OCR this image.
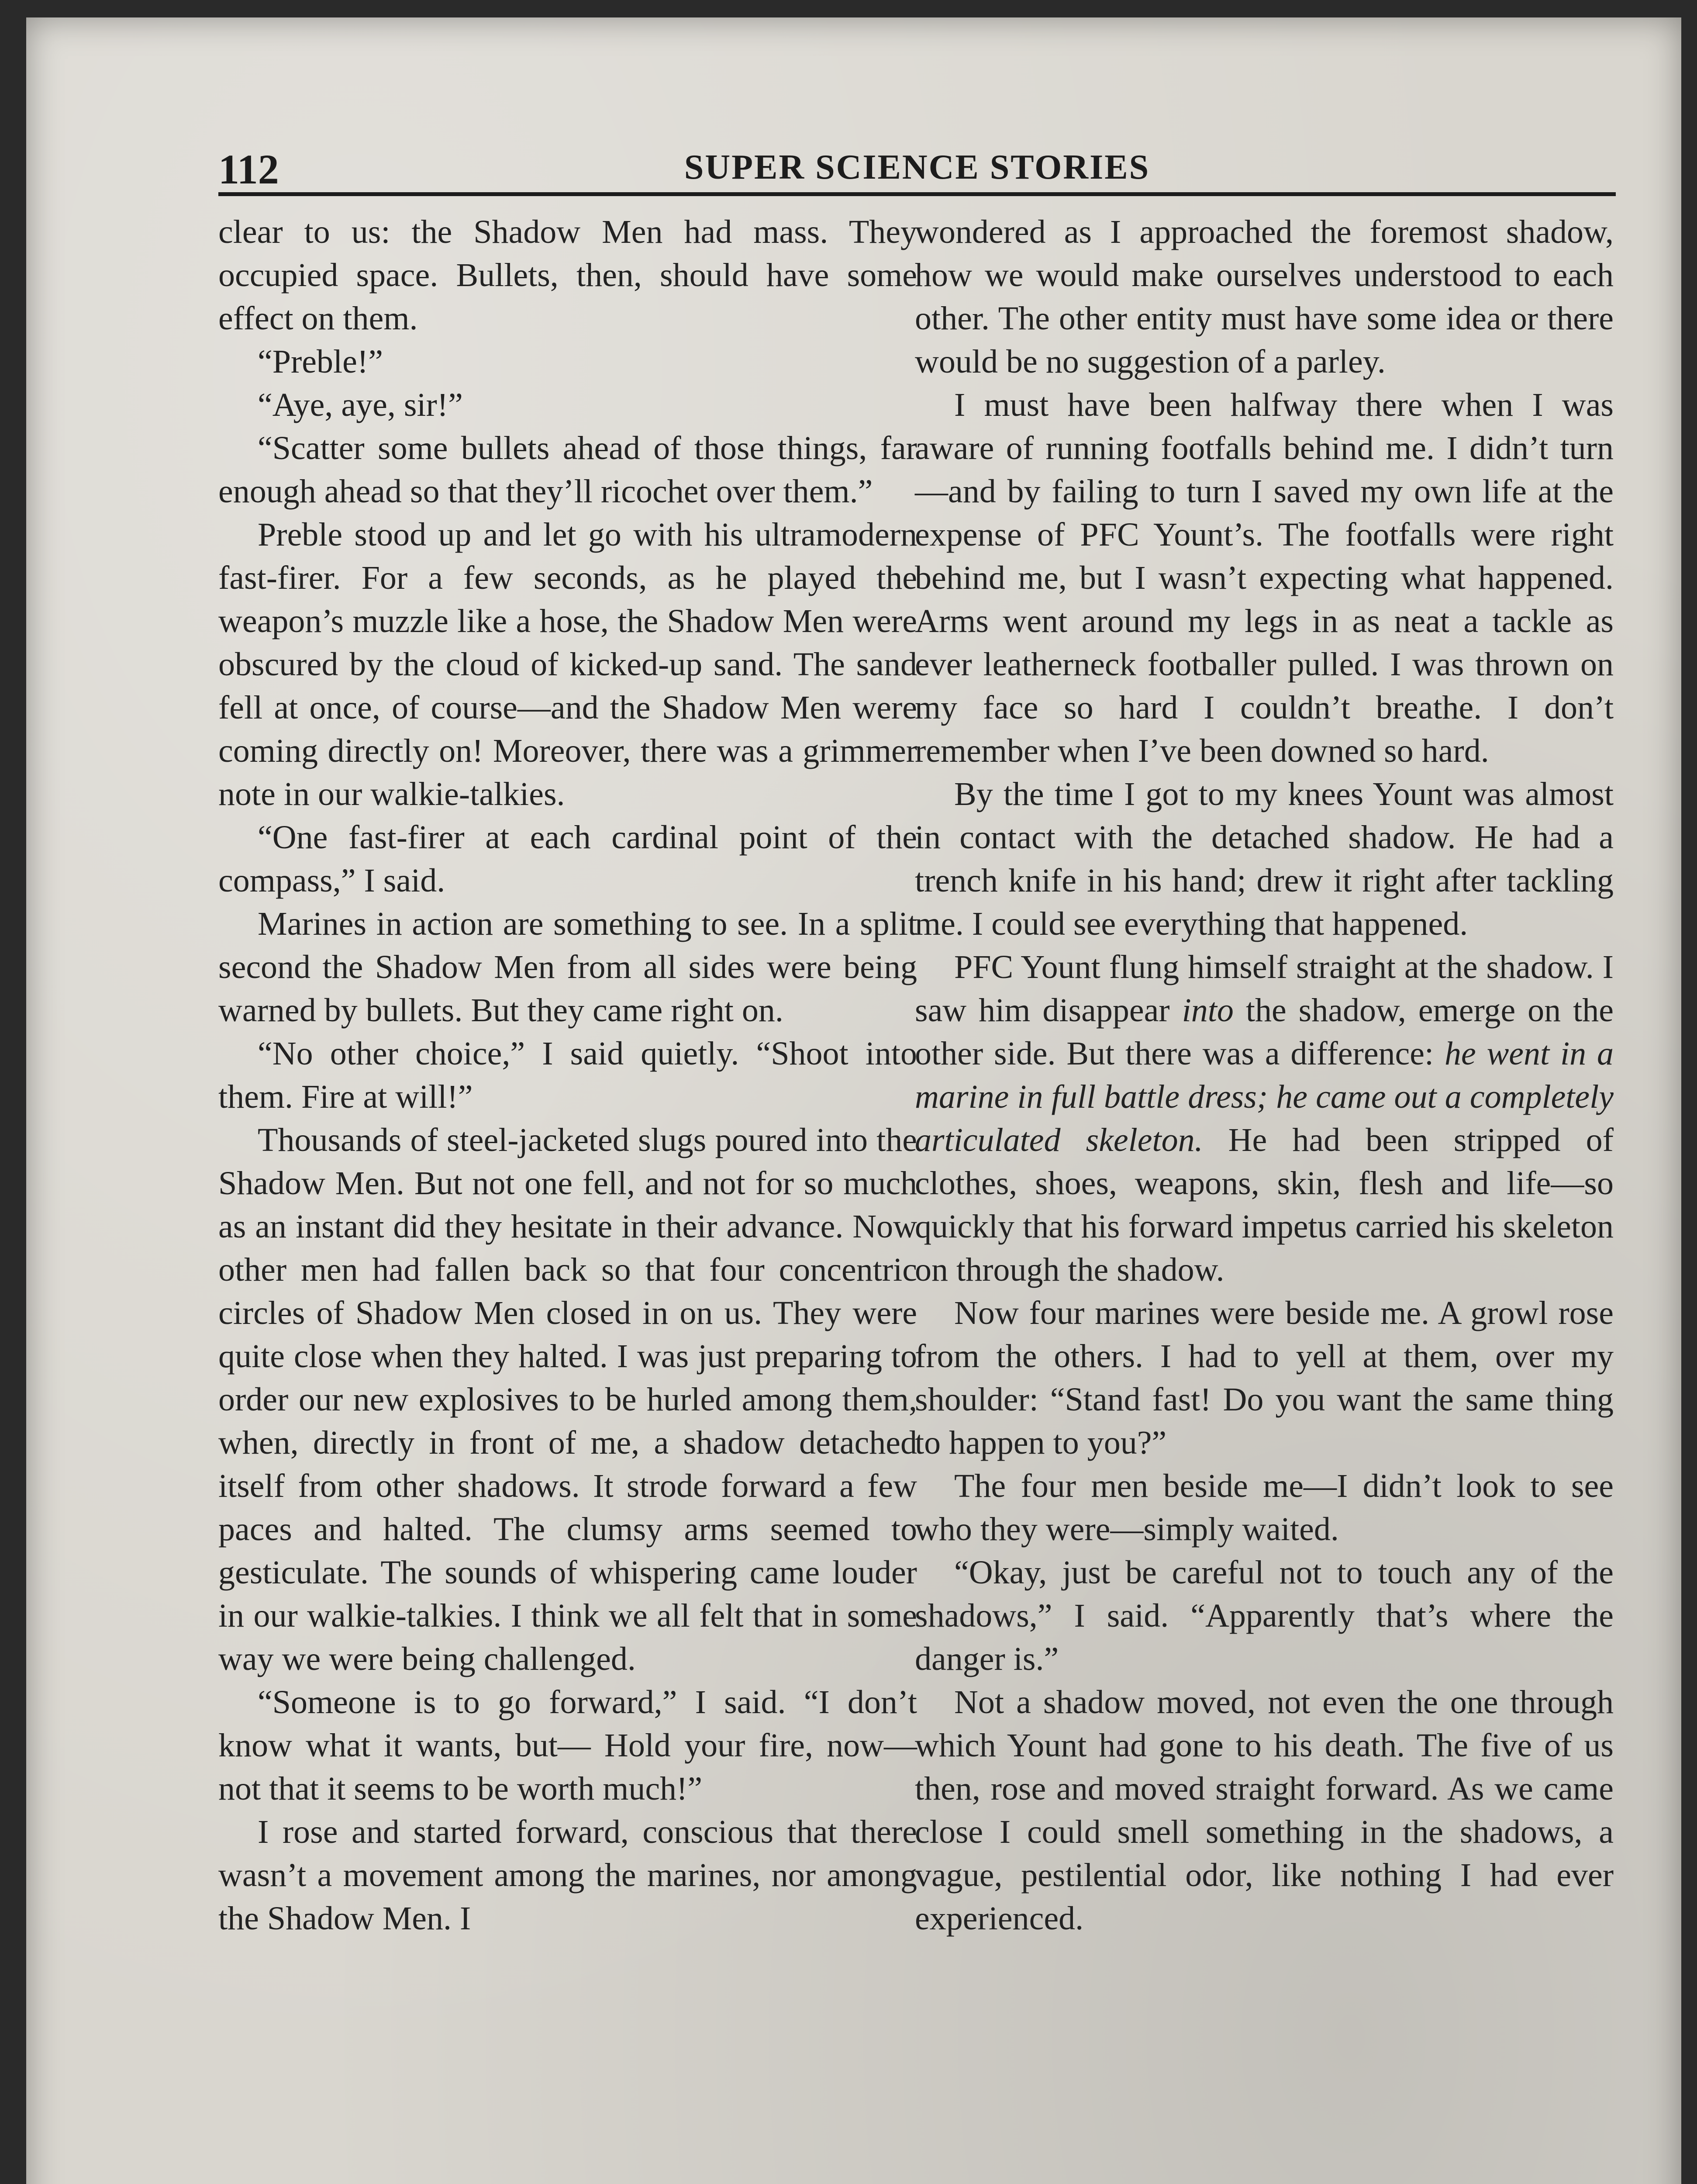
112	SUPER SCIENCE STORIES

clear to us: the Shadow Men had mass. They occupied space. Bullets, then, should have some effect on them.

“Preble!”

“Aye, aye, sir!”

“Scatter some bullets ahead of those things, far enough ahead so that they’ll ricochet over them.”

Preble stood up and let go with his ultramodern fast-firer. For a few seconds, as he played the weapon’s muzzle like a hose, the Shadow Men were obscured by the cloud of kicked-up sand. The sand fell at once, of course—and the Shadow Men were coming directly on! Moreover, there was a grimmer note in our walkie-talkies.

“One fast-firer at each cardinal point of the compass,” I said.

Marines in action are something to see. In a split second the Shadow Men from all sides were being warned by bullets. But they came right on.

“No other choice,” I said quietly. “Shoot into them. Fire at will!”

Thousands of steel-jacketed slugs poured into the Shadow Men. But not one fell, and not for so much as an instant did they hesitate in their advance. Now other men had fallen back so that four concentric circles of Shadow Men closed in on us. They were quite close when they halted. I was just preparing to order our new explosives to be hurled among them, when, directly in front of me, a shadow detached itself from other shadows. It strode forward a few paces and halted. The clumsy arms seemed to gesticulate. The sounds of whispering came louder in our walkie-talkies. I think we all felt that in some way we were being challenged.

“Someone is to go forward,” I said. “I don’t know what it wants, but— Hold your fire, now—not that it seems to be worth much!”

I rose and started forward, conscious that there wasn’t a movement among the marines, nor among the Shadow Men. I

wondered as I approached the foremost shadow, how we would make ourselves understood to each other. The other entity must have some idea or there would be no suggestion of a parley.

I must have been halfway there when I was aware of running footfalls behind me. I didn’t turn—and by failing to turn I saved my own life at the expense of PFC Yount’s. The footfalls were right behind me, but I wasn’t expecting what happened. Arms went around my legs in as neat a tackle as ever leatherneck footballer pulled. I was thrown on my face so hard I couldn’t breathe. I don’t remember when I’ve been downed so hard.

By the time I got to my knees Yount was almost in contact with the detached shadow. He had a trench knife in his hand; drew it right after tackling me. I could see everything that happened.

PFC Yount flung himself straight at the shadow. I saw him disappear into the shadow, emerge on the other side. But there was a difference: he went in a marine in full battle dress; he came out a completely articulated skeleton. He had been stripped of clothes, shoes, weapons, skin, flesh and life—so quickly that his forward impetus carried his skeleton on through the shadow.

Now four marines were beside me. A growl rose from the others. I had to yell at them, over my shoulder: “Stand fast! Do you want the same thing to happen to you?”

The four men beside me—I didn’t look to see who they were—simply waited.

“Okay, just be careful not to touch any of the shadows,” I said. “Apparently that’s where the danger is.”

Not a shadow moved, not even the one through which Yount had gone to his death. The five of us then, rose and moved straight forward. As we came close I could smell something in the shadows, a vague, pestilential odor, like nothing I had ever experienced.
